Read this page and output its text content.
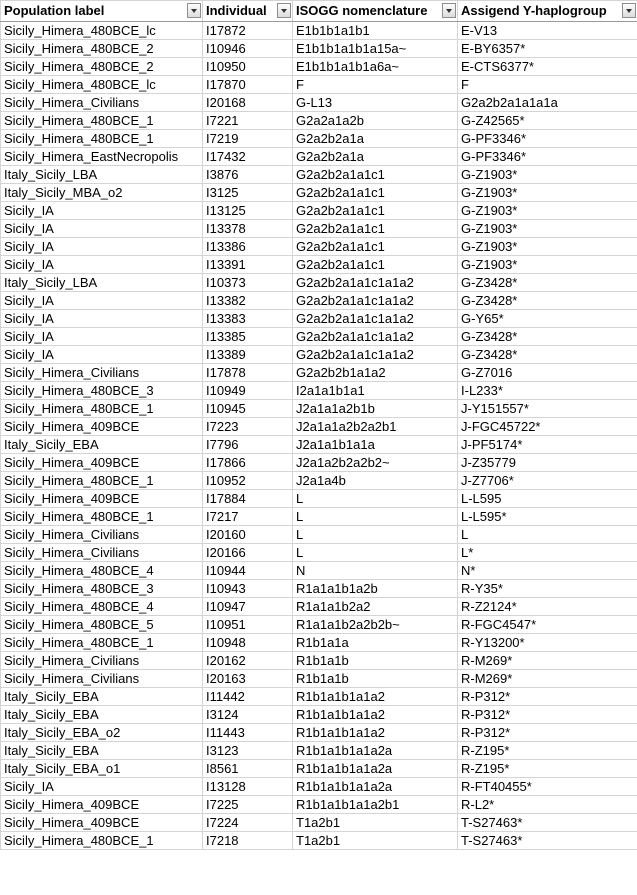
Population label	Individual	ISOGG nomenclature	Assigend Y-haplogroup

Sicily_Himera_480BCE_lc	I17872	E1b1b1a1b1	E-V13
Sicily_Himera_480BCE_2	I10946	E1b1b1a1b1a15a~	E-BY6357*
Sicily_Himera_480BCE_2	I10950	E1b1b1a1b1a6a~	E-CTS6377*
Sicily_Himera_480BCE_lc	I17870	F	F
Sicily_Himera_Civilians	I20168	G-L13	G2a2b2a1a1a1a
Sicily_Himera_480BCE_1	I7221	G2a2a1a2b	G-Z42565*
Sicily_Himera_480BCE_1	I7219	G2a2b2a1a	G-PF3346*
Sicily_Himera_EastNecropolis	I17432	G2a2b2a1a	G-PF3346*
Italy_Sicily_LBA	I3876	G2a2b2a1a1c1	G-Z1903*
Italy_Sicily_MBA_o2	I3125	G2a2b2a1a1c1	G-Z1903*
Sicily_IA	I13125	G2a2b2a1a1c1	G-Z1903*
Sicily_IA	I13378	G2a2b2a1a1c1	G-Z1903*
Sicily_IA	I13386	G2a2b2a1a1c1	G-Z1903*
Sicily_IA	I13391	G2a2b2a1a1c1	G-Z1903*
Italy_Sicily_LBA	I10373	G2a2b2a1a1c1a1a2	G-Z3428*
Sicily_IA	I13382	G2a2b2a1a1c1a1a2	G-Z3428*
Sicily_IA	I13383	G2a2b2a1a1c1a1a2	G-Y65*
Sicily_IA	I13385	G2a2b2a1a1c1a1a2	G-Z3428*
Sicily_IA	I13389	G2a2b2a1a1c1a1a2	G-Z3428*
Sicily_Himera_Civilians	I17878	G2a2b2b1a1a2	G-Z7016
Sicily_Himera_480BCE_3	I10949	I2a1a1b1a1	I-L233*
Sicily_Himera_480BCE_1	I10945	J2a1a1a2b1b	J-Y151557*
Sicily_Himera_409BCE	I7223	J2a1a1a2b2a2b1	J-FGC45722*
Italy_Sicily_EBA	I7796	J2a1a1b1a1a	J-PF5174*
Sicily_Himera_409BCE	I17866	J2a1a2b2a2b2~	J-Z35779
Sicily_Himera_480BCE_1	I10952	J2a1a4b	J-Z7706*
Sicily_Himera_409BCE	I17884	L	L-L595
Sicily_Himera_480BCE_1	I7217	L	L-L595*
Sicily_Himera_Civilians	I20160	L	L
Sicily_Himera_Civilians	I20166	L	L*
Sicily_Himera_480BCE_4	I10944	N	N*
Sicily_Himera_480BCE_3	I10943	R1a1a1b1a2b	R-Y35*
Sicily_Himera_480BCE_4	I10947	R1a1a1b2a2	R-Z2124*
Sicily_Himera_480BCE_5	I10951	R1a1a1b2a2b2b~	R-FGC4547*
Sicily_Himera_480BCE_1	I10948	R1b1a1a	R-Y13200*
Sicily_Himera_Civilians	I20162	R1b1a1b	R-M269*
Sicily_Himera_Civilians	I20163	R1b1a1b	R-M269*
Italy_Sicily_EBA	I11442	R1b1a1b1a1a2	R-P312*
Italy_Sicily_EBA	I3124	R1b1a1b1a1a2	R-P312*
Italy_Sicily_EBA_o2	I11443	R1b1a1b1a1a2	R-P312*
Italy_Sicily_EBA	I3123	R1b1a1b1a1a2a	R-Z195*
Italy_Sicily_EBA_o1	I8561	R1b1a1b1a1a2a	R-Z195*
Sicily_IA	I13128	R1b1a1b1a1a2a	R-FT40455*
Sicily_Himera_409BCE	I7225	R1b1a1b1a1a2b1	R-L2*
Sicily_Himera_409BCE	I7224	T1a2b1	T-S27463*
Sicily_Himera_480BCE_1	I7218	T1a2b1	T-S27463*
